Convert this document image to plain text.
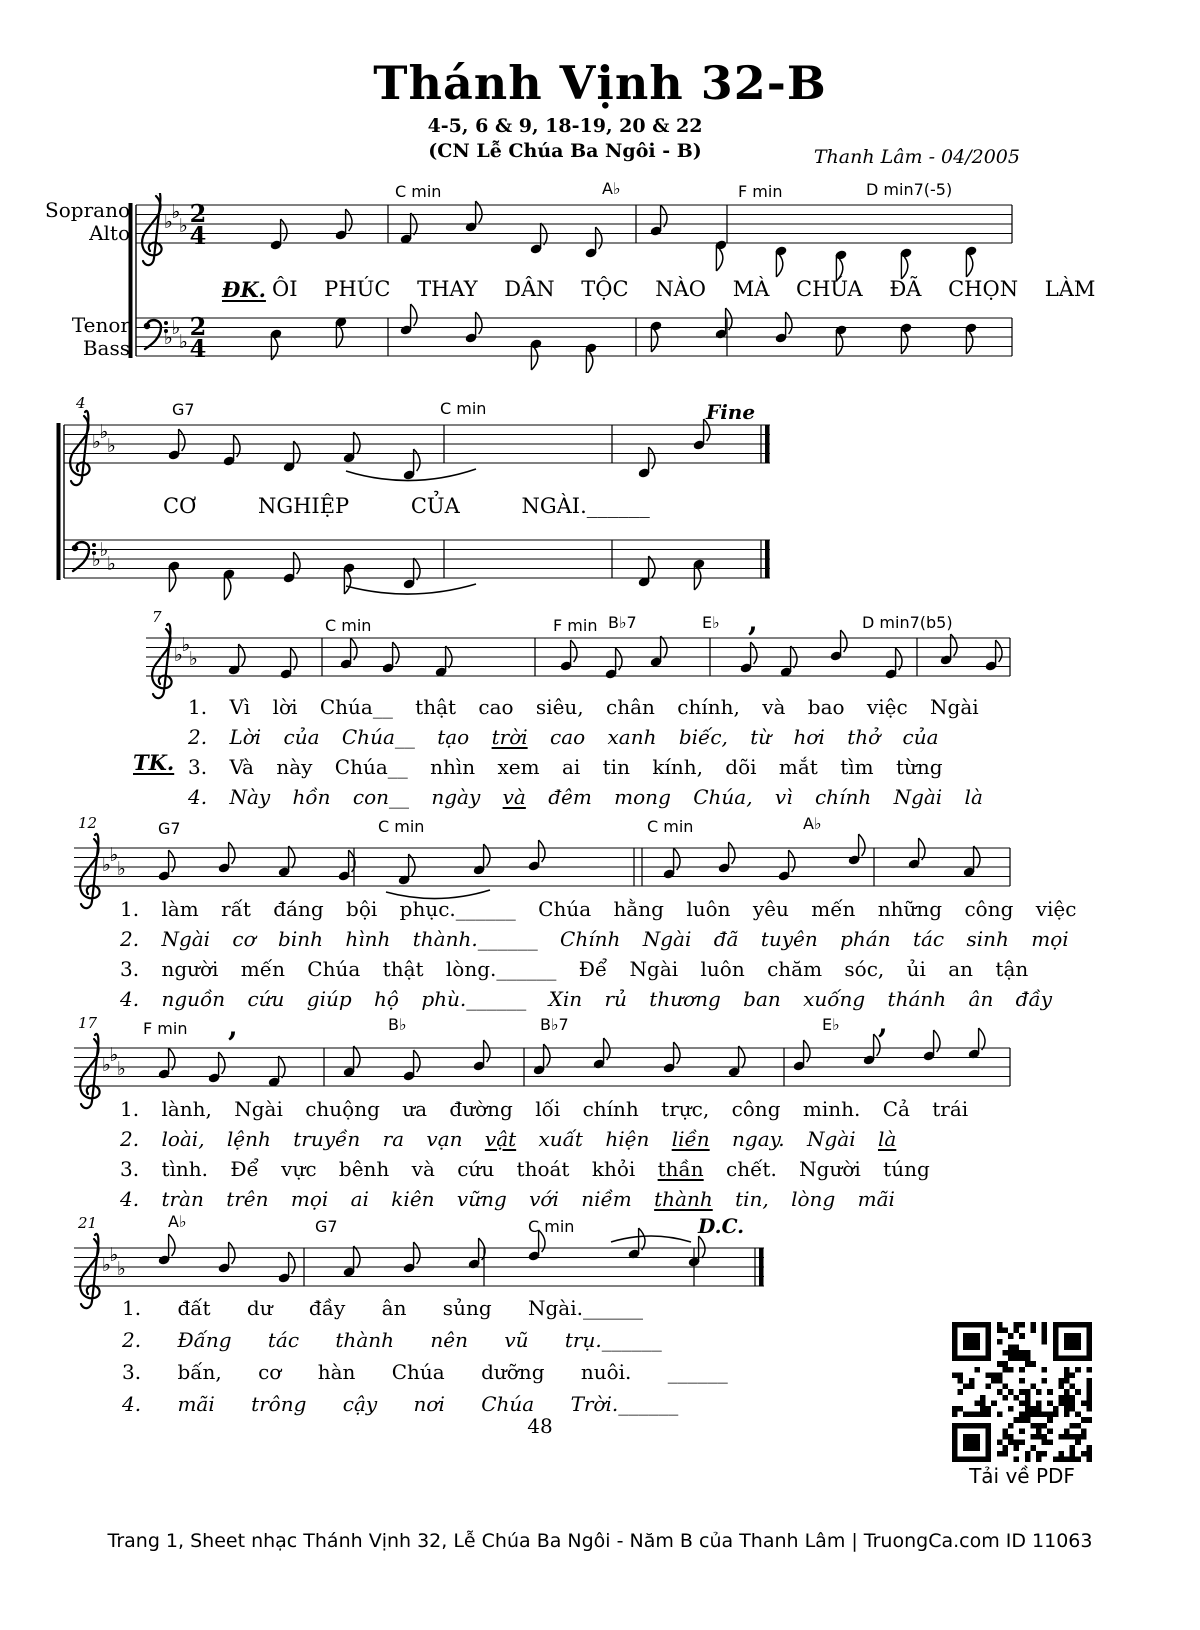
Thánh Vịnh 32-B
4-5, 6 & 9, 18-19, 20 & 22
(CN Lễ Chúa Ba Ngôi - B)	Thanh Lâm - 04/2005
Soprano
Alto
Tenor
Bass
♭
♭
♭ 2
4
♭
♭
♭
2
4
♭
♭
♭
♭
♭
♭
♭
♭
♭
♭
♭
♭
♭
♭
♭
♭
♭
♭
C min	A♭	F min	D min7(-5)
ĐK. ÔI PHÚC THAY DÂN TỘC NÀO MÀ CHÚA ĐÃ CHỌN LÀM
4	G7	C min	Fine
CƠ NGHIỆP CỦA NGÀI.______
7	C min	F min B♭7	E♭ ,	D min7(b5)
TK.
1. Vì lời Chúa__ thật cao siêu, chân chính, và bao việc Ngài
2. Lời của Chúa__ tạo trời cao xanh biếc, từ hơi thở của
3. Và này Chúa__ nhìn xem ai tin kính, dõi mắt tìm từng
4. Này hồn con__ ngày và đêm mong Chúa, vì chính Ngài là
12	G7	C min	C min	A♭
1. làm rất đáng bội phục.______ Chúa hằng luôn yêu mến những công việc
2. Ngài cơ binh hình thành.______ Chính Ngài đã tuyên phán tác sinh mọi
3. người mến Chúa thật lòng.______ Để Ngài luôn chăm sóc, ủi an tận
4. nguồn cứu giúp hộ phù.______ Xin rủ thương ban xuống thánh ân đầy
17	F min ,	B♭	B♭7	E♭ ,
1. lành, Ngài chuộng ưa đường lối chính trực, công minh. Cả trái
2. loài, lệnh truyền ra vạn vật xuất hiện liền ngay. Ngài là
3. tình. Để vực bênh và cứu thoát khỏi thần chết. Người túng
4. tràn trên mọi ai kiên vững với niềm thành tin, lòng mãi
21	A♭	G7	C min	D.C.
1. đất dư đầy ân sủng Ngài.______
2. Đấng tác thành nên vũ trụ.______
3. bấn, cơ hàn Chúa dưỡng nuôi. ______
4. mãi trông cậy nơi Chúa Trời.______
48
Tải về PDF
Trang 1, Sheet nhạc Thánh Vịnh 32, Lễ Chúa Ba Ngôi - Năm B của Thanh Lâm | TruongCa.com ID 11063
